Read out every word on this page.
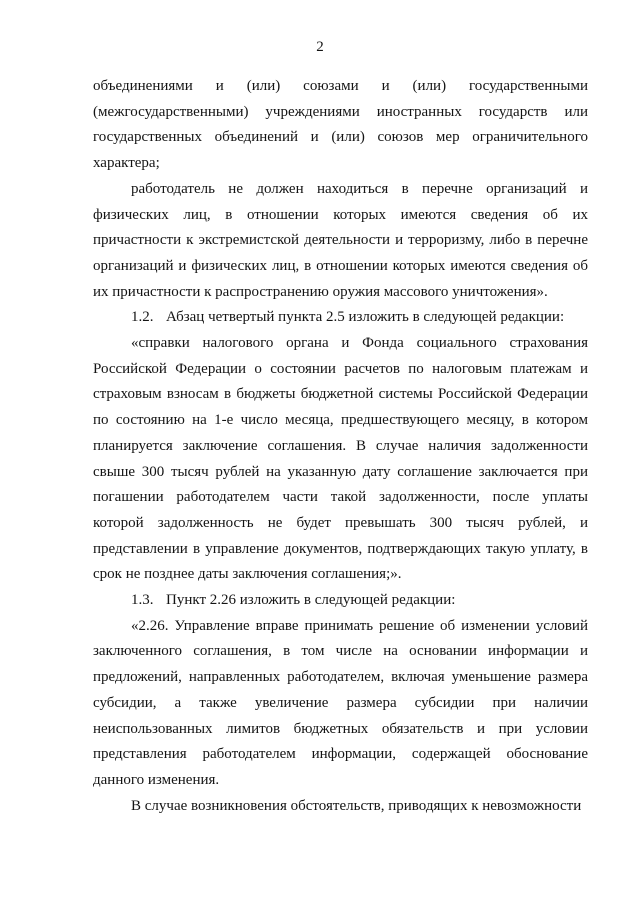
2

объединениями и (или) союзами и (или) государственными (межгосударственными) учреждениями иностранных государств или государственных объединений и (или) союзов мер ограничительного характера;

работодатель не должен находиться в перечне организаций и физических лиц, в отношении которых имеются сведения об их причастности к экстремистской деятельности и терроризму, либо в перечне организаций и физических лиц, в отношении которых имеются сведения об их причастности к распространению оружия массового уничтожения».

1.2. Абзац четвертый пункта 2.5 изложить в следующей редакции:

«справки налогового органа и Фонда социального страхования Российской Федерации о состоянии расчетов по налоговым платежам и страховым взносам в бюджеты бюджетной системы Российской Федерации по состоянию на 1-е число месяца, предшествующего месяцу, в котором планируется заключение соглашения. В случае наличия задолженности свыше 300 тысяч рублей на указанную дату соглашение заключается при погашении работодателем части такой задолженности, после уплаты которой задолженность не будет превышать 300 тысяч рублей, и представлении в управление документов, подтверждающих такую уплату, в срок не позднее даты заключения соглашения;».

1.3. Пункт 2.26 изложить в следующей редакции:

«2.26. Управление вправе принимать решение об изменении условий заключенного соглашения, в том числе на основании информации и предложений, направленных работодателем, включая уменьшение размера субсидии, а также увеличение размера субсидии при наличии неиспользованных лимитов бюджетных обязательств и при условии представления работодателем информации, содержащей обоснование данного изменения.

В случае возникновения обстоятельств, приводящих к невозможности
